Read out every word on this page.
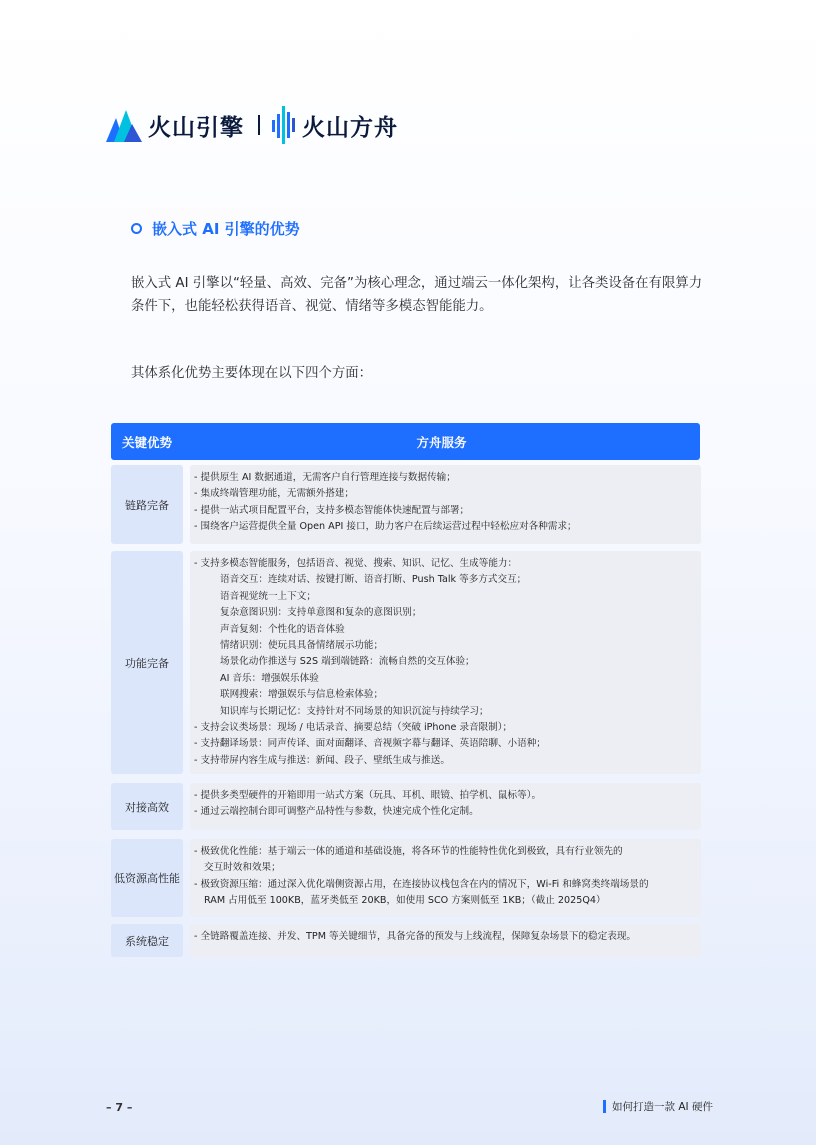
火山引擎	火山方舟
嵌入式 AI 引擎的优势
嵌入式 AI 引擎以“轻量、高效、完备”为核心理念，通过端云一体化架构，让各类设备在有限算力
条件下，也能轻松获得语音、视觉、情绪等多模态智能能力。
其体系化优势主要体现在以下四个方面：
关键优势	方舟服务
链路完备
- 提供原生 AI 数据通道，无需客户自行管理连接与数据传输；
- 集成终端管理功能，无需额外搭建；
- 提供一站式项目配置平台，支持多模态智能体快速配置与部署；
- 围绕客户运营提供全量 Open API 接口，助力客户在后续运营过程中轻松应对各种需求；
功能完备
- 支持多模态智能服务，包括语音、视觉、搜索、知识、记忆、生成等能力：
语音交互：连续对话、按键打断、语音打断、Push Talk 等多方式交互；
语音视觉统一上下文；
复杂意图识别：支持单意图和复杂的意图识别；
声音复刻：个性化的语音体验
情绪识别：使玩具具备情绪展示功能；
场景化动作推送与 S2S 端到端链路：流畅自然的交互体验；
AI 音乐：增强娱乐体验
联网搜索：增强娱乐与信息检索体验；
知识库与长期记忆：支持针对不同场景的知识沉淀与持续学习；
- 支持会议类场景：现场 / 电话录音、摘要总结（突破 iPhone 录音限制）；
- 支持翻译场景：同声传译、面对面翻译、音视频字幕与翻译、英语陪聊、小语种；
- 支持带屏内容生成与推送：新闻、段子、壁纸生成与推送。
对接高效
- 提供多类型硬件的开箱即用一站式方案（玩具、耳机、眼镜、拍学机、鼠标等）。
- 通过云端控制台即可调整产品特性与参数，快速完成个性化定制。
低资源高性能
- 极致优化性能：基于端云一体的通道和基础设施，将各环节的性能特性优化到极致，具有行业领先的
交互时效和效果；
- 极致资源压缩：通过深入优化端侧资源占用，在连接协议栈包含在内的情况下，Wi-Fi 和蜂窝类终端场景的
RAM 占用低至 100KB，蓝牙类低至 20KB，如使用 SCO 方案则低至 1KB；（截止 2025Q4）
系统稳定
-	全链路覆盖连接、并发、TPM 等关键细节，具备完备的预发与上线流程，保障复杂场景下的稳定表现。
– 7 –	如何打造一款 AI 硬件
